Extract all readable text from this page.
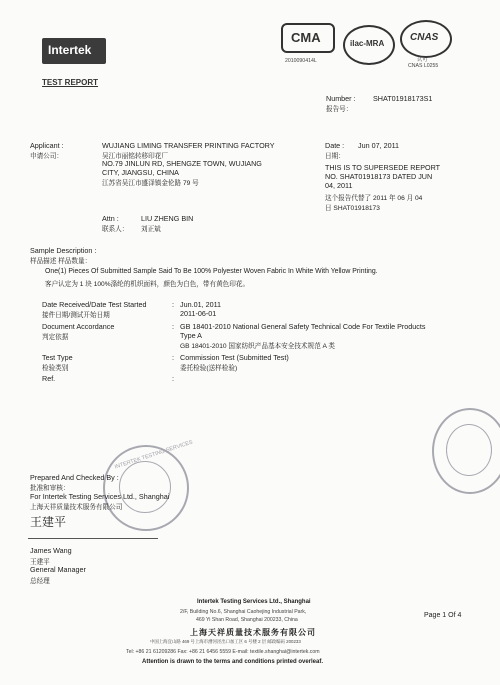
Intertek
TEST REPORT
CMA
2010090414L
ilac-MRA
CNAS
认可
CNAS L0255
Number :
报告号：
SHAT01918173S1
Applicant :
申请公司：
WUJIANG LIMING TRANSFER PRINTING FACTORY
吴江市丽铭转移印花厂
NO.79 JINLUN RD, SHENGZE TOWN, WUJIANG
CITY, JIANGSU, CHINA
江苏省吴江市盛泽镇金伦路 79 号
Attn :
联系人：
LIU ZHENG BIN
刘正斌
Date :
日期：
Jun 07, 2011
THIS IS TO SUPERSEDE REPORT
NO. SHAT01918173 DATED JUN
04, 2011
这个报告代替了 2011 年 06 月 04
日 SHAT01918173
Sample Description :
样品描述 样品数量：
One(1) Pieces Of Submitted Sample Said To Be 100% Polyester Woven Fabric In White With Yellow Printing.
客户认定为 1 块 100%涤纶的机织面料，颜色为白色，带有黄色印花。
Date Received/Date Test Started
接件日期/测试开始日期
: Jun.01, 2011
2011-06-01
Document Accordance
判定依据
: GB 18401-2010 National General Safety Technical Code For Textile Products
Type A
GB 18401-2010 国家纺织产品基本安全技术规范 A 类
Test Type
检验类别
: Commission Test (Submitted Test)
委托检验(送样检验)
Ref.	:
INTERTEK TESTING SERVICES
Prepared And Checked By :
批准和审核：
For Intertek Testing Services Ltd., Shanghai
上海天祥质量技术服务有限公司
王建平
James Wang
王建平
General Manager
总经理
Intertek Testing Services Ltd., Shanghai
2/F, Building No.6, Shanghai Caohejing Industrial Park,
469 Yi Shan Road, Shanghai 200233, China
上海天祥质量技术服务有限公司
中国上海宜山路 469 号上海市漕河泾出口加工区 6 号楼 2 层 邮政编码 200233
Tel: +86 21 61209286 Fax: +86 21 6456 5559 E-mail: textile.shanghai@intertek.com
Attention is drawn to the terms and conditions printed overleaf.
Page 1 Of 4
